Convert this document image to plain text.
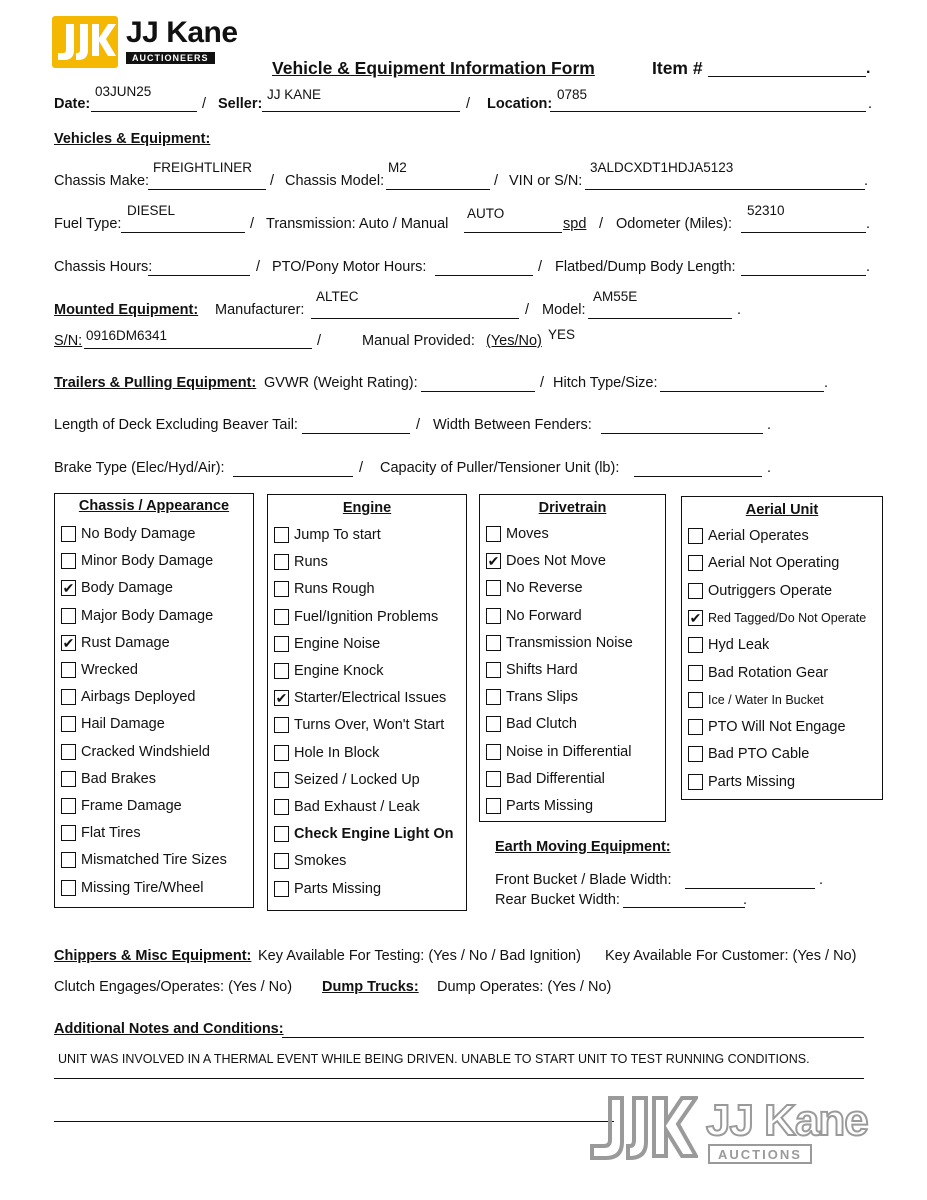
JJ Kane
AUCTIONEERS	Vehicle & Equipment Information Form	Item #	.
Date:
03JUN25
/ Seller:
JJ KANE
/ Location:
0785
.
Vehicles & Equipment:
Chassis Make:
FREIGHTLINER
/ Chassis Model:
M2
/ VIN or S/N:
3ALDCXDT1HDJA5123
.
Fuel Type:
DIESEL
/ Transmission: Auto / Manual
AUTO
spd / Odometer (Miles):
52310
.
Chassis Hours:	/ PTO/Pony Motor Hours:	/ Flatbed/Dump Body Length:	.
Mounted Equipment: Manufacturer:
ALTEC
/ Model:
AM55E
.
S/N: 0916DM6341	/	Manual Provided: (Yes/No) YES
Trailers & Pulling Equipment: GVWR (Weight Rating):	/ Hitch Type/Size:	.
Length of Deck Excluding Beaver Tail:	/ Width Between Fenders:	.
Brake Type (Elec/Hyd/Air):	/ Capacity of Puller/Tensioner Unit (lb):	.
Chassis / Appearance
No Body Damage
Minor Body Damage
✔ Body Damage
Major Body Damage
✔ Rust Damage
Wrecked
Airbags Deployed
Hail Damage
Cracked Windshield
Bad Brakes
Frame Damage
Flat Tires
Mismatched Tire Sizes
Missing Tire/Wheel
Engine
Jump To start
Runs
Runs Rough
Fuel/Ignition Problems
Engine Noise
Engine Knock
✔ Starter/Electrical Issues
Turns Over, Won't Start
Hole In Block
Seized / Locked Up
Bad Exhaust / Leak
Check Engine Light On
Smokes
Parts Missing
Drivetrain
Moves
✔ Does Not Move
No Reverse
No Forward
Transmission Noise
Shifts Hard
Trans Slips
Bad Clutch
Noise in Differential
Bad Differential
Parts Missing
Aerial Unit
Aerial Operates
Aerial Not Operating
Outriggers Operate
✔ Red Tagged/Do Not Operate
Hyd Leak
Bad Rotation Gear
Ice / Water In Bucket
PTO Will Not Engage
Bad PTO Cable
Parts Missing
Earth Moving Equipment:
Front Bucket / Blade Width:	.
Rear Bucket Width:	.
Chippers & Misc Equipment: Key Available For Testing: (Yes / No / Bad Ignition) Key Available For Customer: (Yes / No)
Clutch Engages/Operates: (Yes / No) Dump Trucks: Dump Operates: (Yes / No)
Additional Notes and Conditions:
UNIT WAS INVOLVED IN A THERMAL EVENT WHILE BEING DRIVEN. UNABLE TO START UNIT TO TEST RUNNING CONDITIONS.
JJ Kane
AUCTIONS
